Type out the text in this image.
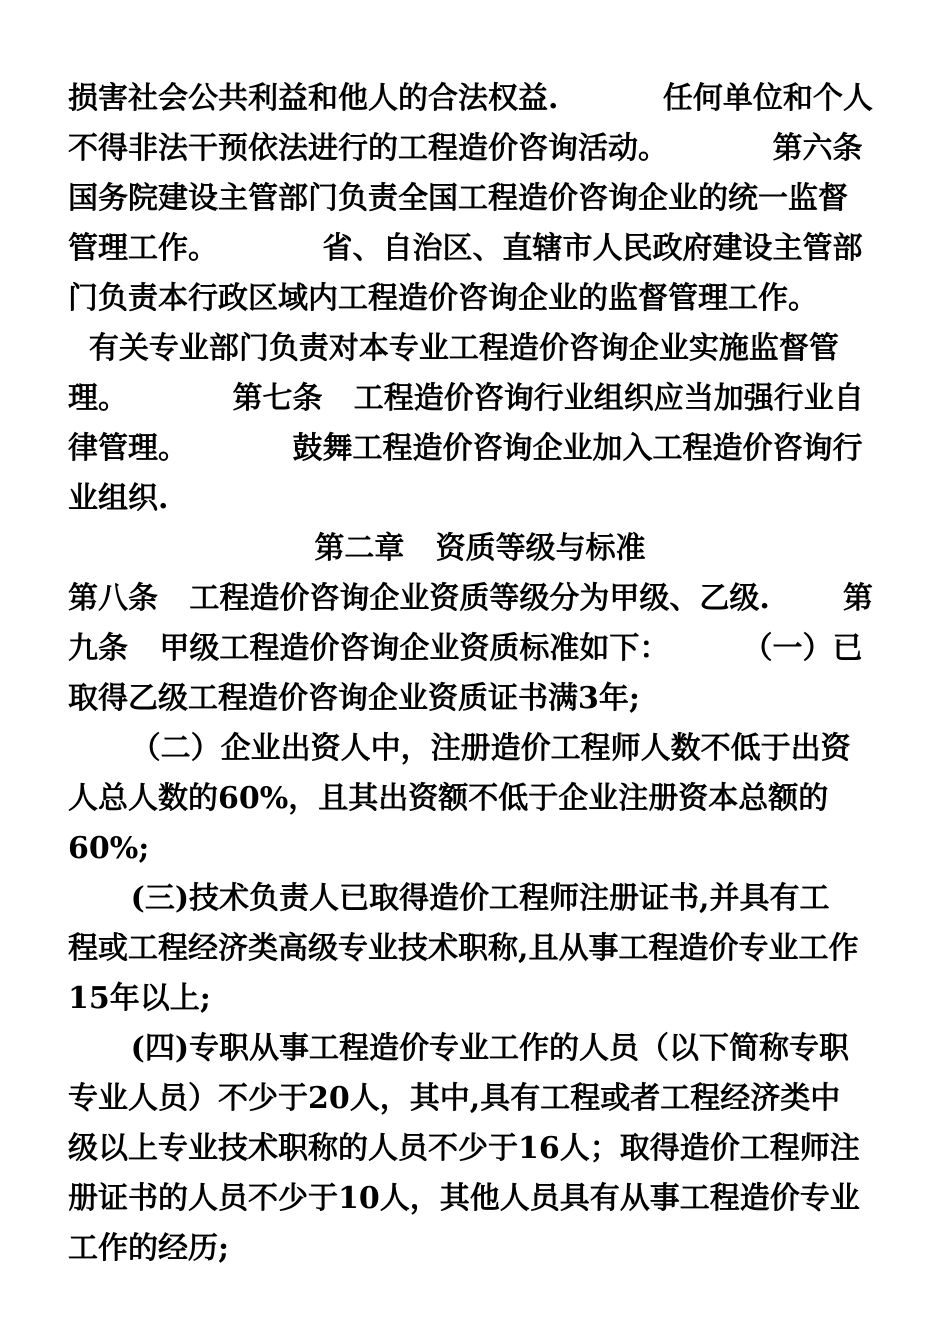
损害社会公共利益和他人的合法权益.          任何单位和个人
不得非法干预依法进行的工程造价咨询活动。          第六条
国务院建设主管部门负责全国工程造价咨询企业的统一监督
管理工作。          省、自治区、直辖市人民政府建设主管部
门负责本行政区域内工程造价咨询企业的监督管理工作。
有关专业部门负责对本专业工程造价咨询企业实施监督管
理。          第七条   工程造价咨询行业组织应当加强行业自
律管理。          鼓舞工程造价咨询企业加入工程造价咨询行
业组织.
第二章   资质等级与标准
第八条   工程造价咨询企业资质等级分为甲级、乙级.       第
九条   甲级工程造价咨询企业资质标准如下：       （一）已
取得乙级工程造价咨询企业资质证书满3年;
（二）企业出资人中，注册造价工程师人数不低于出资
人总人数的60%，且其出资额不低于企业注册资本总额的
60%;
(三)技术负责人已取得造价工程师注册证书,并具有工
程或工程经济类高级专业技术职称,且从事工程造价专业工作
15年以上;
(四)专职从事工程造价专业工作的人员（以下简称专职
专业人员）不少于20人，其中,具有工程或者工程经济类中
级以上专业技术职称的人员不少于16人；取得造价工程师注
册证书的人员不少于10人，其他人员具有从事工程造价专业
工作的经历;
